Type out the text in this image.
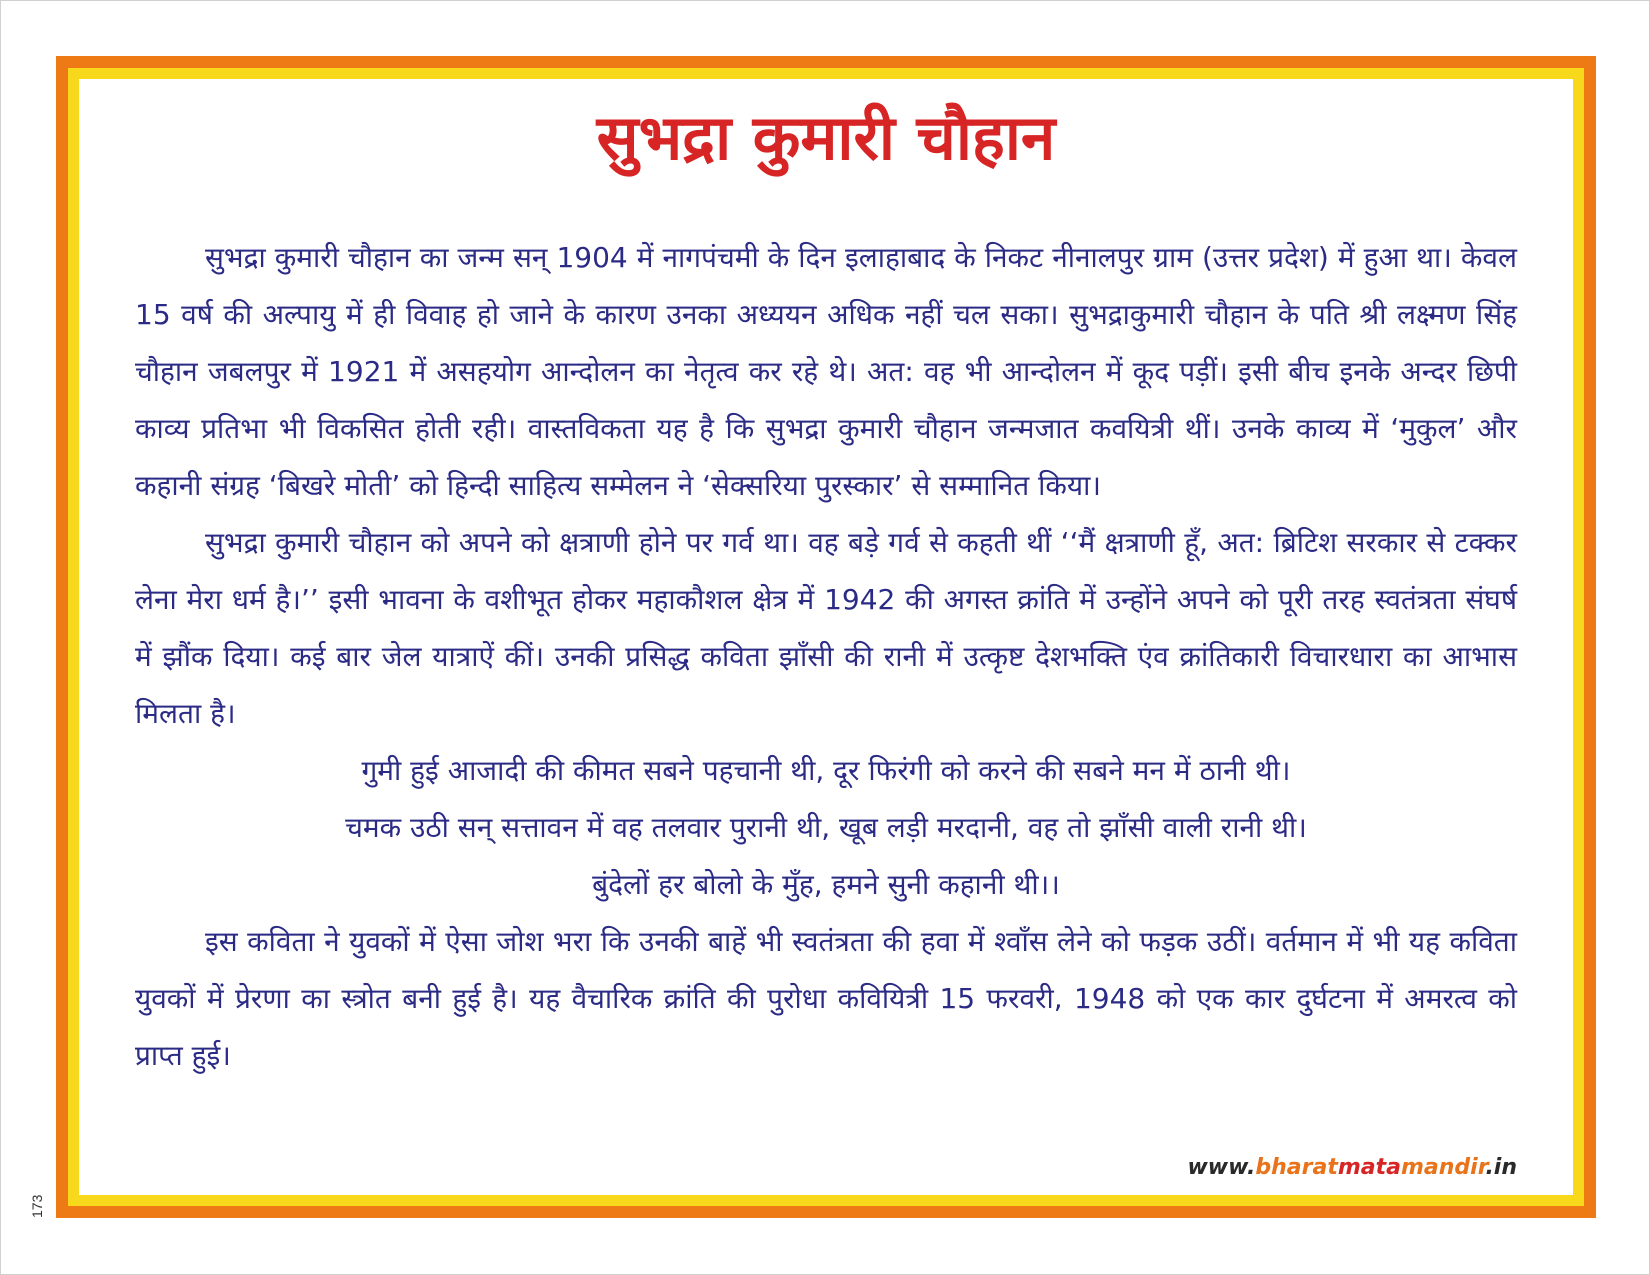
सुभद्रा कुमारी चौहान

सुभद्रा कुमारी चौहान का जन्म सन् 1904 में नागपंचमी के दिन इलाहाबाद के निकट नीनालपुर ग्राम (उत्तर प्रदेश) में हुआ था। केवल 15 वर्ष की अल्पायु में ही विवाह हो जाने के कारण उनका अध्ययन अधिक नहीं चल सका। सुभद्राकुमारी चौहान के पति श्री लक्ष्मण सिंह चौहान जबलपुर में 1921 में असहयोग आन्दोलन का नेतृत्व कर रहे थे। अत: वह भी आन्दोलन में कूद पड़ीं। इसी बीच इनके अन्दर छिपी काव्य प्रतिभा भी विकसित होती रही। वास्तविकता यह है कि सुभद्रा कुमारी चौहान जन्मजात कवयित्री थीं। उनके काव्य में ‘मुकुल’ और कहानी संग्रह ‘बिखरे मोती’ को हिन्दी साहित्य सम्मेलन ने ‘सेक्सरिया पुरस्कार’ से सम्मानित किया।

सुभद्रा कुमारी चौहान को अपने को क्षत्राणी होने पर गर्व था। वह बड़े गर्व से कहती थीं ‘‘मैं क्षत्राणी हूँ, अत: ब्रिटिश सरकार से टक्कर लेना मेरा धर्म है।’’ इसी भावना के वशीभूत होकर महाकौशल क्षेत्र में 1942 की अगस्त क्रांति में उन्होंने अपने को पूरी तरह स्वतंत्रता संघर्ष में झौंक दिया। कई बार जेल यात्राऐं कीं। उनकी प्रसिद्ध कविता झाँसी की रानी में उत्कृष्ट देशभक्ति एंव क्रांतिकारी विचारधारा का आभास मिलता है।

गुमी हुई आजादी की कीमत सबने पहचानी थी, दूर फिरंगी को करने की सबने मन में ठानी थी।

चमक उठी सन् सत्तावन में वह तलवार पुरानी थी, खूब लड़ी मरदानी, वह तो झाँसी वाली रानी थी।

बुंदेलों हर बोलो के मुँह, हमने सुनी कहानी थी।।

इस कविता ने युवकों में ऐसा जोश भरा कि उनकी बाहें भी स्वतंत्रता की हवा में श्वाँस लेने को फड़क उठीं। वर्तमान में भी यह कविता युवकों में प्रेरणा का स्त्रोत बनी हुई है। यह वैचारिक क्रांति की पुरोधा कवियित्री 15 फरवरी, 1948 को एक कार दुर्घटना में अमरत्व को प्राप्त हुई।

www.bharatmatamandir.in
173
